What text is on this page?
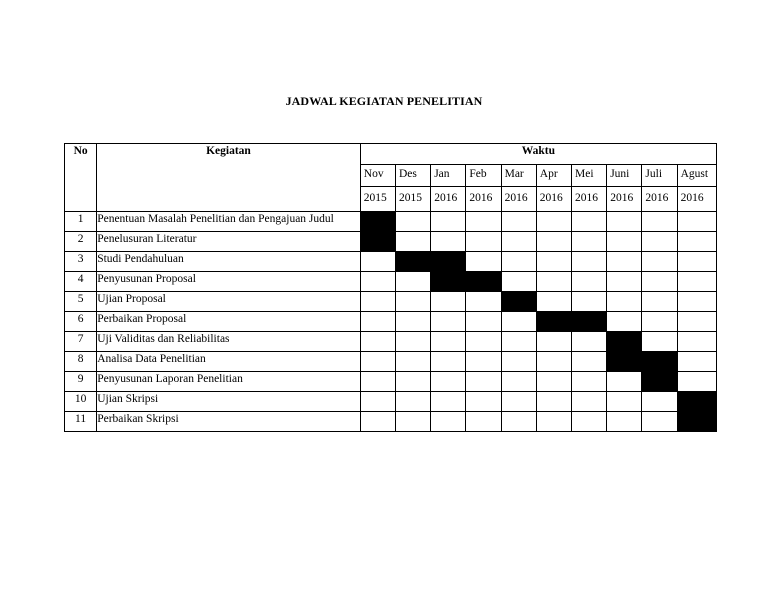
JADWAL KEGIATAN PENELITIAN
No	Kegiatan	Waktu									
		Nov	Des	Jan	Feb	Mar	Apr	Mei	Juni	Juli	Agust
		2015	2015	2016	2016	2016	2016	2016	2016	2016	2016
1	Penentuan Masalah Penelitian dan Pengajuan Judul										
2	Penelusuran Literatur										
3	Studi Pendahuluan										
4	Penyusunan Proposal										
5	Ujian Proposal										
6	Perbaikan Proposal										
7	Uji Validitas dan Reliabilitas										
8	Analisa Data Penelitian										
9	Penyusunan Laporan Penelitian										
10	Ujian Skripsi										
11	Perbaikan Skripsi										
